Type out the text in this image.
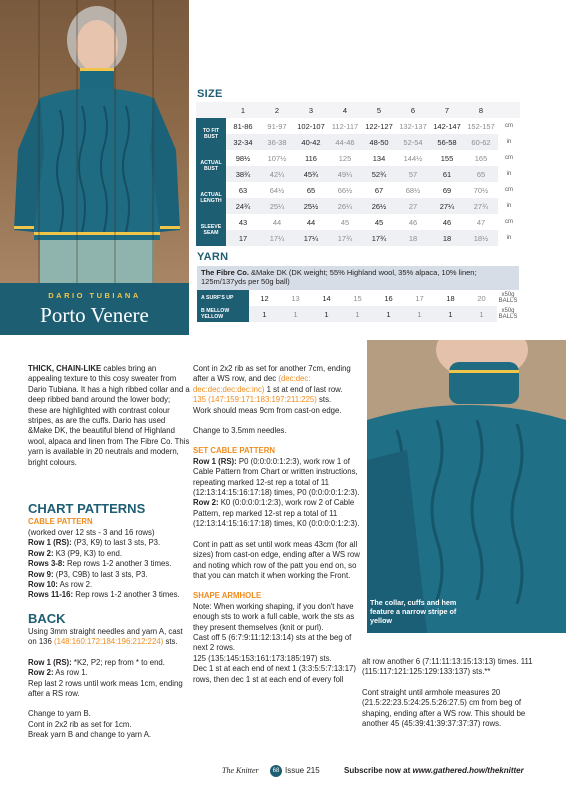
DARIO TUBIANA
Porto Venere
SIZE
	1	2	3	4	5	6	7	8	
TO FIT BUST	81-86	91-97	102-107	112-117	122-127	132-137	142-147	152-157	cm
	32-34	36-38	40-42	44-46	48-50	52-54	56-58	60-62	in
ACTUAL BUST	98½	107½	116	125	134	144½	155	165	cm
	38¾	42¼	45¾	49¼	52¾	57	61	65	in
ACTUAL LENGTH	63	64½	65	66½	67	68½	69	70½	cm
	24¾	25¼	25½	26¼	26½	27	27¼	27¾	in
SLEEVE SEAM	43	44	44	45	45	46	46	47	cm
	17	17¼	17¼	17¾	17¾	18	18	18½	in
YARN
The Fibre Co. &Make DK (DK weight; 55% Highland wool, 35% alpaca, 10% linen; 125m/137yds per 50g ball)
A SURF'S UP	12	13	14	15	16	17	18	20	x50g BALLS
B MELLOW YELLOW	1	1	1	1	1	1	1	1	x50g BALLS

THICK, CHAIN-LIKE cables bring an appealing texture to this cosy sweater from Dario Tubiana. It has a high ribbed collar and a deep ribbed band around the lower body; these are highlighted with contrast colour stripes, as are the cuffs. Dario has used &Make DK, the beautiful blend of Highland wool, alpaca and linen from The Fibre Co. This yarn is available in 20 neutrals and modern, bright colours.

CHART PATTERNS
CABLE PATTERN

(worked over 12 sts - 3 and 16 rows)

Row 1 (RS): (P3, K9) to last 3 sts, P3.

Row 2: K3 (P9, K3) to end.

Rows 3-8: Rep rows 1-2 another 3 times.

Row 9: (P3, C9B) to last 3 sts, P3.

Row 10: As row 2.

Rows 11-16: Rep rows 1-2 another 3 times.

BACK

Using 3mm straight needles and yarn A, cast on 136 (148:160:172:184:196:212:224) sts.

Row 1 (RS): *K2, P2; rep from * to end.

Row 2: As row 1.

Rep last 2 rows until work meas 1cm, ending after a RS row.

Change to yarn B.

Cont in 2x2 rib as set for 1cm.

Break yarn B and change to yarn A.

Cont in 2x2 rib as set for another 7cm, ending after a WS row, and dec (dec:dec: dec:dec:dec:dec:inc) 1 st at end of last row.

135 (147:159:171:183:197:211:225) sts.

Work should meas 9cm from cast-on edge.

Change to 3.5mm needles.

SET CABLE PATTERN

Row 1 (RS): P0 (0:0:0:0:1:2:3), work row 1 of Cable Pattern from Chart or written instructions, repeating marked 12-st rep a total of 11 (12:13:14:15:16:17:18) times, P0 (0:0:0:0:1:2:3).

Row 2: K0 (0:0:0:0:1:2:3), work row 2 of Cable Pattern, rep marked 12-st rep a total of 11 (12:13:14:15:16:17:18) times, K0 (0:0:0:0:1:2:3).

Cont in patt as set until work meas 43cm (for all sizes) from cast-on edge, ending after a WS row and noting which row of the patt you end on, so that you can match it when working the Front.

SHAPE ARMHOLE

Note: When working shaping, if you don't have enough sts to work a full cable, work the sts as they present themselves (knit or purl).

Cast off 5 (6:7:9:11:12:13:14) sts at the beg of next 2 rows.

125 (135:145:153:161:173:185:197) sts.

Dec 1 st at each end of next 1 (3:3:5:5:7:13:17) rows, then dec 1 st at each end of every foll

The collar, cuffs and hem feature a narrow stripe of yellow

alt row another 6 (7:11:11:13:15:13:13) times. 111 (115:117:121:125:129:133:137) sts.**

Cont straight until armhole measures 20 (21.5:22:23.5:24:25.5:26:27.5) cm from beg of shaping, ending after a WS row. This should be another 45 (45:39:41:39:37:37:37) rows.

The Knitter	68 Issue 215	Subscribe now at www.gathered.how/theknitter
